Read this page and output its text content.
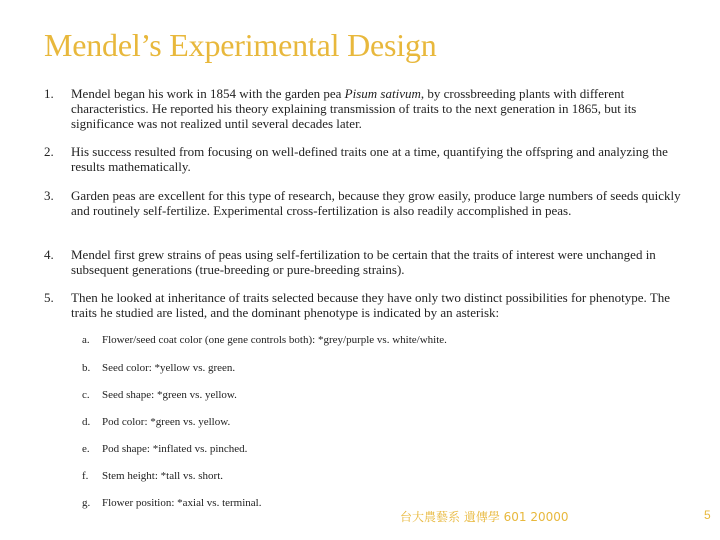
Mendel’s Experimental Design
1. Mendel began his work in 1854 with the garden pea Pisum sativum, by crossbreeding plants with different characteristics. He reported his theory explaining transmission of traits to the next generation in 1865, but its significance was not realized until several decades later.
2. His success resulted from focusing on well-defined traits one at a time, quantifying the offspring and analyzing the results mathematically.
3. Garden peas are excellent for this type of research, because they grow easily, produce large numbers of seeds quickly and routinely self-fertilize. Experimental cross-fertilization is also readily accomplished in peas.
4. Mendel first grew strains of peas using self-fertilization to be certain that the traits of interest were unchanged in subsequent generations (true-breeding or pure-breeding strains).
5. Then he looked at inheritance of traits selected because they have only two distinct possibilities for phenotype. The traits he studied are listed, and the dominant phenotype is indicated by an asterisk:
a. Flower/seed coat color (one gene controls both): *grey/purple vs. white/white.
b. Seed color: *yellow vs. green.
c. Seed shape: *green vs. yellow.
d. Pod color: *green vs. yellow.
e. Pod shape: *inflated vs. pinched.
f. Stem height: *tall vs. short.
g. Flower position: *axial vs. terminal.
台大農藝系 遺傳學 601 20000	5
